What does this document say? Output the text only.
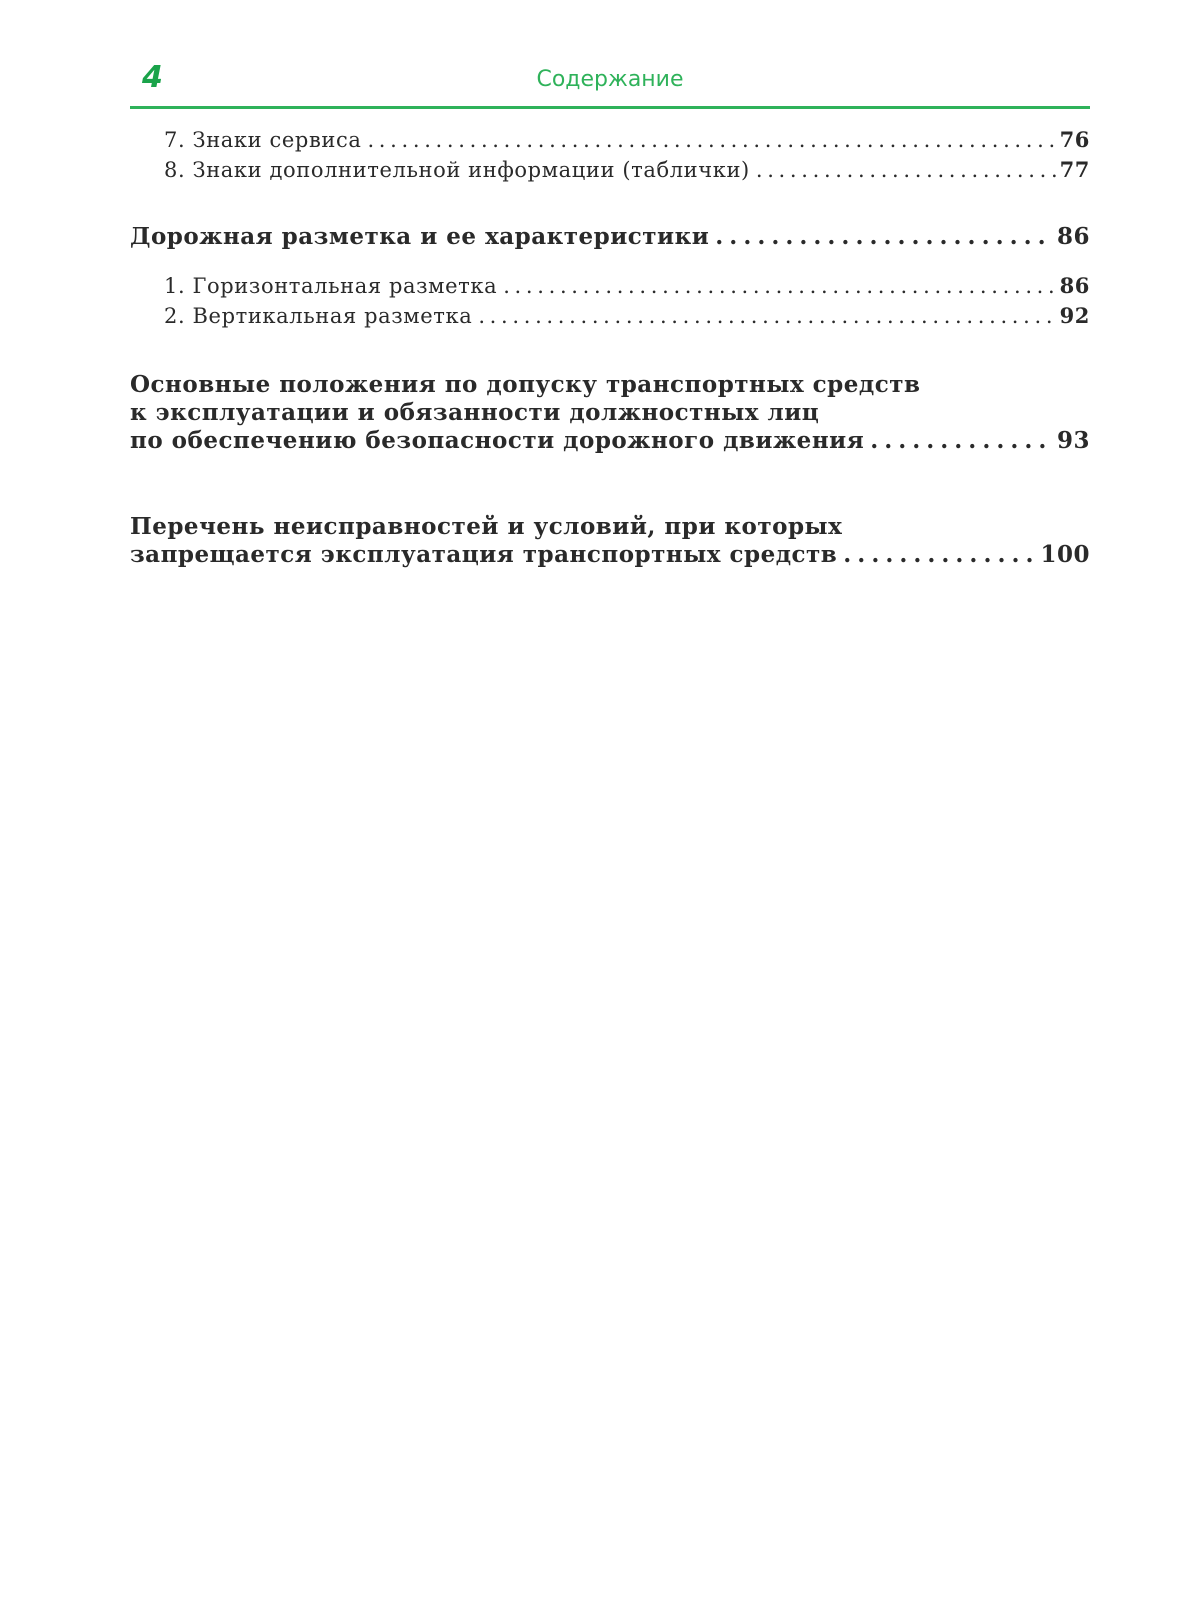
4	Содержание
7. Знаки сервиса . . .	76
8. Знаки дополнительной информации (таблички) . . .	77
Дорожная разметка и ее характеристики . . .	86
1. Горизонтальная разметка . . .	86
2. Вертикальная разметка . . .	92
Основные положения по допуску транспортных средств
к эксплуатации и обязанности должностных лиц
по обеспечению безопасности дорожного движения . . .	93
Перечень неисправностей и условий, при которых
запрещается эксплуатация транспортных средств . . .	100
